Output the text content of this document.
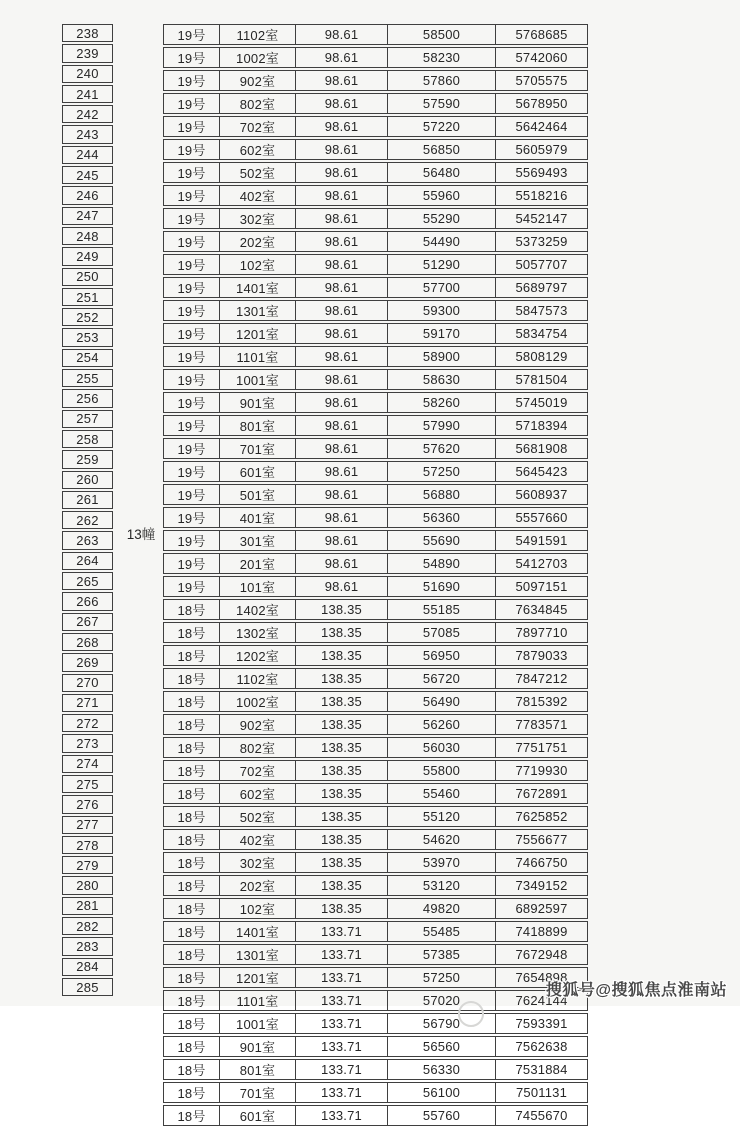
238
239
240
241
242
243
244
245
246
247
248
249
250
251
252
253
254
255
256
257
258
259
260
261
262
263
264
265
266
267
268
269
270
271
272
273
274
275
276
277
278
279
280
281
282
283
284
285
13幢
19号	1102室	98.61	58500	5768685
19号	1002室	98.61	58230	5742060
19号	902室	98.61	57860	5705575
19号	802室	98.61	57590	5678950
19号	702室	98.61	57220	5642464
19号	602室	98.61	56850	5605979
19号	502室	98.61	56480	5569493
19号	402室	98.61	55960	5518216
19号	302室	98.61	55290	5452147
19号	202室	98.61	54490	5373259
19号	102室	98.61	51290	5057707
19号	1401室	98.61	57700	5689797
19号	1301室	98.61	59300	5847573
19号	1201室	98.61	59170	5834754
19号	1101室	98.61	58900	5808129
19号	1001室	98.61	58630	5781504
19号	901室	98.61	58260	5745019
19号	801室	98.61	57990	5718394
19号	701室	98.61	57620	5681908
19号	601室	98.61	57250	5645423
19号	501室	98.61	56880	5608937
19号	401室	98.61	56360	5557660
19号	301室	98.61	55690	5491591
19号	201室	98.61	54890	5412703
19号	101室	98.61	51690	5097151
18号	1402室	138.35	55185	7634845
18号	1302室	138.35	57085	7897710
18号	1202室	138.35	56950	7879033
18号	1102室	138.35	56720	7847212
18号	1002室	138.35	56490	7815392
18号	902室	138.35	56260	7783571
18号	802室	138.35	56030	7751751
18号	702室	138.35	55800	7719930
18号	602室	138.35	55460	7672891
18号	502室	138.35	55120	7625852
18号	402室	138.35	54620	7556677
18号	302室	138.35	53970	7466750
18号	202室	138.35	53120	7349152
18号	102室	138.35	49820	6892597
18号	1401室	133.71	55485	7418899
18号	1301室	133.71	57385	7672948
18号	1201室	133.71	57250	7654898
18号	1101室	133.71	57020	7624144
18号	1001室	133.71	56790	7593391
18号	901室	133.71	56560	7562638
18号	801室	133.71	56330	7531884
18号	701室	133.71	56100	7501131
18号	601室	133.71	55760	7455670
搜狐号@搜狐焦点淮南站
